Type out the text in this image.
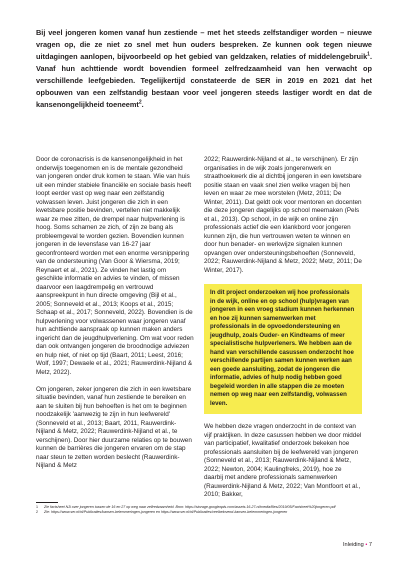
Bij veel jongeren komen vanaf hun zestiende – met het steeds zelfstandiger worden – nieuwe vragen op, die ze niet zo snel met hun ouders bespreken. Ze kunnen ook tegen nieuwe uitdagingen aanlopen, bijvoorbeeld op het gebied van geldzaken, relaties of middelengebruik$^1$. Vanaf hun achttiende wordt bovendien formeel zelfredzaamheid van hen verwacht op verschillende leefgebieden. Tegelijkertijd constateerde de SER in 2019 en 2021 dat het opbouwen van een zelfstandig bestaan voor veel jongeren steeds lastiger wordt en dat de kansenongelijkheid toeneemt$^2$.

Door de coronacrisis is de kansenongelijkheid in het onderwijs toegenomen en is de mentale gezondheid van jongeren onder druk komen te staan. Wie van huis uit een minder stabiele financiële en sociale basis heeft loopt eerder vast op weg naar een zelfstandig volwassen leven. Juist jongeren die zich in een kwetsbare positie bevinden, vertellen niet makkelijk waar ze mee zitten, de drempel naar hulpverlening is hoog. Soms schamen ze zich, of zijn ze bang als probleemgeval te worden gezien. Bovendien kunnen jongeren in de levensfase van 16-27 jaar geconfronteerd worden met een enorme versnippering van de ondersteuning (Van Goor & Wiersma, 2019; Reynaert et al., 2021). Ze vinden het lastig om geschikte informatie en advies te vinden, of missen daarvoor een laagdrempelig en vertrouwd aanspreekpunt in hun directe omgeving (Bijl et al., 2005; Sonneveld et al., 2013; Koops et al., 2015; Schaap et al., 2017; Sonneveld, 2022). Bovendien is de hulpverlening voor volwassenen waar jongeren vanaf hun achttiende aanspraak op kunnen maken anders ingericht dan de jeugdhulpverlening. Om wat voor reden dan ook ontvangen jongeren de broodnodige adviezen en hulp niet, of niet op tijd (Baart, 2011; Leest, 2016; Wolf, 1997; Dewaele et al., 2021; Rauwerdink-Nijland & Metz, 2022).

Om jongeren, zeker jongeren die zich in een kwetsbare situatie bevinden, vanaf hun zestiende te bereiken en aan te sluiten bij hun behoeften is het om te beginnen noodzakelijk 'aanwezig te zijn in hun leefwereld' (Sonneveld et al., 2013; Baart, 2011, Rauwerdink-Nijland & Metz, 2022; Rauwerdink-Nijland et al., te verschijnen). Door hier duurzame relaties op te bouwen kunnen de barrières die jongeren ervaren om de stap naar steun te zetten worden beslecht (Rauwerdink-Nijland & Metz

2022; Rauwerdink-Nijland et al., te verschijnen). Er zijn organisaties in de wijk zoals jongerenwerk en straathoekwerk die al dichtbij jongeren in een kwetsbare positie staan en vaak snel zien welke vragen bij hen leven en waar ze mee worstelen (Metz, 2011; De Winter, 2011). Dat geldt ook voor mentoren en docenten die deze jongeren dagelijks op school meemaken (Pels et al., 2013). Op school, in de wijk en online zijn professionals actief die een klankbord voor jongeren kunnen zijn, die hun vertrouwen weten te winnen en door hun benader- en werkwijze signalen kunnen opvangen over ondersteuningsbehoeften (Sonneveld, 2022; Rauwerdink-Nijland & Metz, 2022; Metz, 2011; De Winter, 2017).

In dit project onderzoeken wij hoe professionals in de wijk, online en op school (hulp)vragen van jongeren in een vroeg stadium kunnen herkennen en hoe zij kunnen samenwerken met professionals in de opvoedondersteuning en jeugdhulp, zoals Ouder- en Kindteams of meer specialistische hulpverleners. We hebben aan de hand van verschillende casussen onderzocht hoe verschillende partijen samen kunnen werken aan een goede aansluiting, zodat de jongeren die informatie, advies of hulp nodig hebben goed begeleid worden in alle stappen die ze moeten nemen op weg naar een zelfstandig, volwassen leven.

We hebben deze vragen onderzocht in de context van vijf praktijken. In deze casussen hebben we door middel van participatief, kwalitatief onderzoek bekeken hoe professionals aansluiten bij de leefwereld van jongeren (Sonneveld et al., 2013; Rauwerdink-Nijland & Metz, 2022; Newton, 2004; Kaulingfreks, 2019), hoe ze daarbij met andere professionals samenwerken (Rauwerdink-Nijland & Metz, 2022; Van Montfoort et al., 2010; Bakker,

1	Zie factsheet NJi over jongeren tussen de 16 en 27 op weg naar zelfredzaamheid. Bron: https://storage.googleapis.com/assets.16-27.nl/media/files/2019/05/Factsheet%20jongeren.pdf
2	Zie: https://www.ser.nl/nl/Publicaties/kansen-belemmeringen-jongeren en https://www.ser.nl/nl/Publicaties/veelbelovend-kansen-belemmeringen-jongeren
Inleiding • 7
